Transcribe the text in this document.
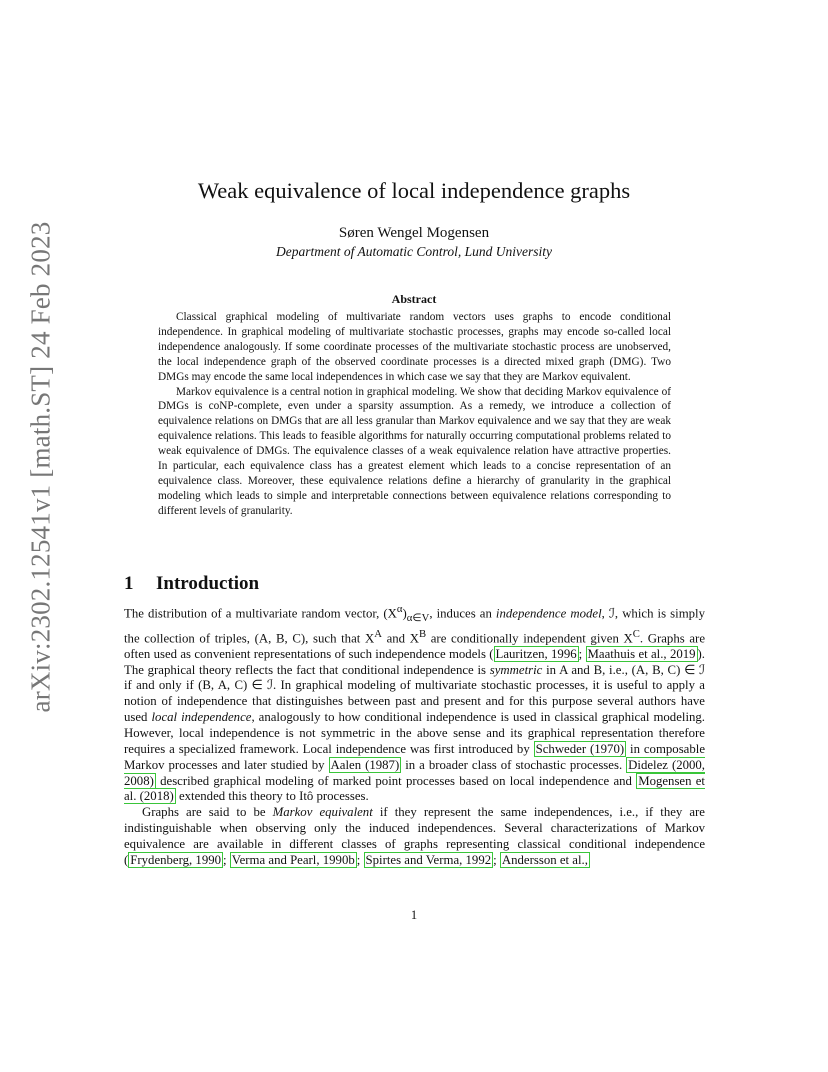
arXiv:2302.12541v1 [math.ST] 24 Feb 2023
Weak equivalence of local independence graphs
Søren Wengel Mogensen
Department of Automatic Control, Lund University
Abstract

Classical graphical modeling of multivariate random vectors uses graphs to encode conditional independence. In graphical modeling of multivariate stochastic processes, graphs may encode so-called local independence analogously. If some coordinate processes of the multivariate stochastic process are unobserved, the local independence graph of the observed coordinate processes is a directed mixed graph (DMG). Two DMGs may encode the same local independences in which case we say that they are Markov equivalent.

Markov equivalence is a central notion in graphical modeling. We show that deciding Markov equivalence of DMGs is coNP-complete, even under a sparsity assumption. As a remedy, we introduce a collection of equivalence relations on DMGs that are all less granular than Markov equivalence and we say that they are weak equivalence relations. This leads to feasible algorithms for naturally occurring computational problems related to weak equivalence of DMGs. The equivalence classes of a weak equivalence relation have attractive properties. In particular, each equivalence class has a greatest element which leads to a concise representation of an equivalence class. Moreover, these equivalence relations define a hierarchy of granularity in the graphical modeling which leads to simple and interpretable connections between equivalence relations corresponding to different levels of granularity.

1 Introduction

The distribution of a multivariate random vector, $(X^\alpha)_{\alpha\in V}$, induces an independence model, ℐ, which is simply the collection of triples, (A, B, C), such that $X^A$ and $X^B$ are conditionally independent given $X^C$. Graphs are often used as convenient representations of such independence models ( Lauritzen, 1996 ; Maathuis et al., 2019 ). The graphical theory reflects the fact that conditional independence is symmetric in A and B, i.e., (A, B, C) ∈ ℐ if and only if (B, A, C) ∈ ℐ. In graphical modeling of multivariate stochastic processes, it is useful to apply a notion of independence that distinguishes between past and present and for this purpose several authors have used local independence, analogously to how conditional independence is used in classical graphical modeling. However, local independence is not symmetric in the above sense and its graphical representation therefore requires a specialized framework. Local independence was first introduced by Schweder (1970) in composable Markov processes and later studied by Aalen (1987) in a broader class of stochastic processes. Didelez (2000, 2008) described graphical modeling of marked point processes based on local independence and Mogensen et al. (2018) extended this theory to Itô processes.

Graphs are said to be Markov equivalent if they represent the same independences, i.e., if they are indistinguishable when observing only the induced independences. Several characterizations of Markov equivalence are available in different classes of graphs representing classical conditional independence ( Frydenberg, 1990 ; Verma and Pearl, 1990b ; Spirtes and Verma, 1992 ; Andersson et al.,

1
